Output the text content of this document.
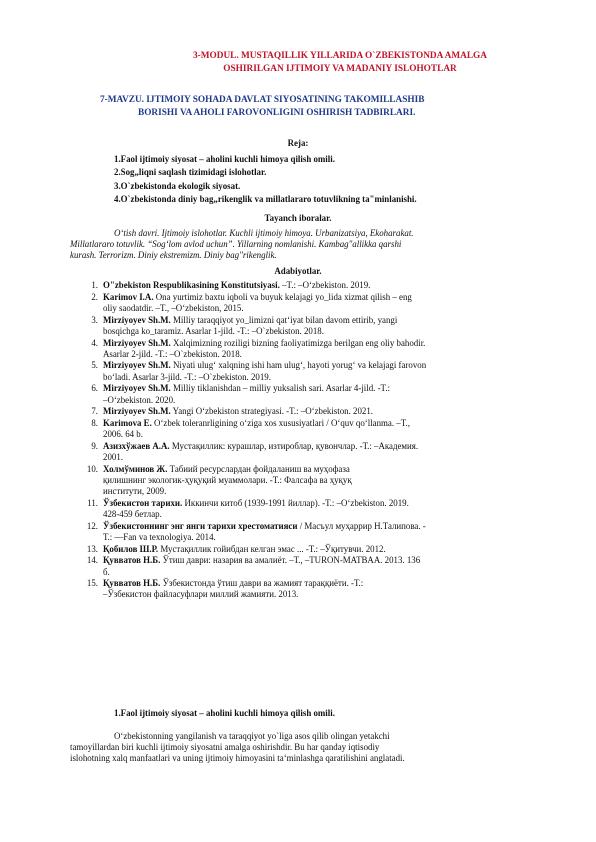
3-MODUL. MUSTAQILLIK YILLARIDA O`ZBEKISTONDA AMALGA
OSHIRILGAN IJTIMOIY VA MADANIY ISLOHOTLAR
7-MAVZU. IJTIMOIY SOHADA DAVLAT SIYOSATINING TAKOMILLASHIB
BORISHI VA AHOLI FAROVONLIGINI OSHIRISH TADBIRLARI.
Reja:
1.Faol ijtimoiy siyosat – aholini kuchli himoya qilish omili.
2.Sog„liqni saqlash tizimidagi islohotlar.
3.O`zbekistonda ekologik siyosat.
4.O`zbekistonda diniy bag„rikenglik va millatlararo totuvlikning ta"minlanishi.
Tayanch iboralar.
O‘tish davri. Ijtimoiy islohotlar. Kuchli ijtimoiy himoya. Urbanizatsiya, Ekoharakat.
Millatlararo totuvlik. “Sog‘lom avlod uchun”. Yillarning nomlanishi. Kambag"allikka qarshi
kurash. Terrorizm. Diniy ekstremizm. Diniy bag"rikenglik.
Adabiyotlar.
1. O"zbekiston Respublikasining Konstitutsiyasi. –T.: –O‘zbekiston. 2019.
2. Karimov I.A. Ona yurtimiz baxtu iqboli va buyuk kelajagi yo_lida xizmat qilish – eng
oliy saodatdir. –T., –O‘zbekiston, 2015.
3. Mirziyoyev Sh.M. Milliy taraqqiyot yo_limizni qat‘iyat bilan davom ettirib, yangi
bosqichga ko_taramiz. Asarlar 1-jild. -T.: –O`zbekiston. 2018.
4. Mirziyoyev Sh.M. Xalqimizning roziligi bizning faoliyatimizga berilgan eng oliy bahodir.
Asarlar 2-jild. -T.: –O`zbekiston. 2018.
5. Mirziyoyev Sh.M. Niyati ulug‘ xalqning ishi ham ulug‘, hayoti yorug‘ va kelajagi farovon
bo‘ladi. Asarlar 3-jild. -T.: –O`zbekiston. 2019.
6. Mirziyoyev Sh.M. Milliy tiklanishdan – milliy yuksalish sari. Asarlar 4-jild. -T.:
–O‘zbekiston. 2020.
7. Mirziyoyev Sh.M. Yangi O‘zbekiston strategiyasi. -T.: –O‘zbekiston. 2021.
8. Karimova E. O‘zbek toleranrligining o‘ziga xos xususiyatlari / O‘quv qo‘llanma. –T.,
2006. 64 b.
9. Азизхўжаев А.А. Мустақиллик: курашлар, изтироблар, қувончлар. -Т.: –Академия.
2001.
10. Холмўминов Ж. Табиий ресурслардан фойдаланиш ва муҳофаза
қилишнинг экологик-ҳуқуқий муаммолари. -Т.: Фалсафа ва ҳуқуқ
институти, 2009.
11. Ўзбекистон тарихи. Иккинчи китоб (1939-1991 йиллар). -Т.: –O‘zbekiston. 2019.
428-459 бетлар.
12. Ўзбекистоннинг энг янги тарихи хрестоматияси / Масъул муҳаррир Н.Талипова. -
Т.: ―Fan va texnologiya. 2014.
13. Қобилов Ш.Р. Мустақиллик гойибдан келган эмас ... -Т.: –Ўқитувчи. 2012.
14. Қувватов Н.Б. Ўтиш даври: назария ва амалиёт. –Т., –TURON-MATBAA. 2013. 136
б.
15. Қувватов Н.Б. Ўзбекистонда ўтиш даври ва жамият тараққиёти. -Т.:
–Ўзбекистон файласуфлари миллий жамияти. 2013.
1.Faol ijtimoiy siyosat – aholini kuchli himoya qilish omili.
O‘zbekistonning yangilanish va taraqqiyot yo`liga asos qilib olingan yetakchi
tamoyillardan biri kuchli ijtimoiy siyosatni amalga oshirishdir. Bu har qanday iqtisodiy
islohotning xalq manfaatlari va uning ijtimoiy himoyasini ta‘minlashga qaratilishini anglatadi.
